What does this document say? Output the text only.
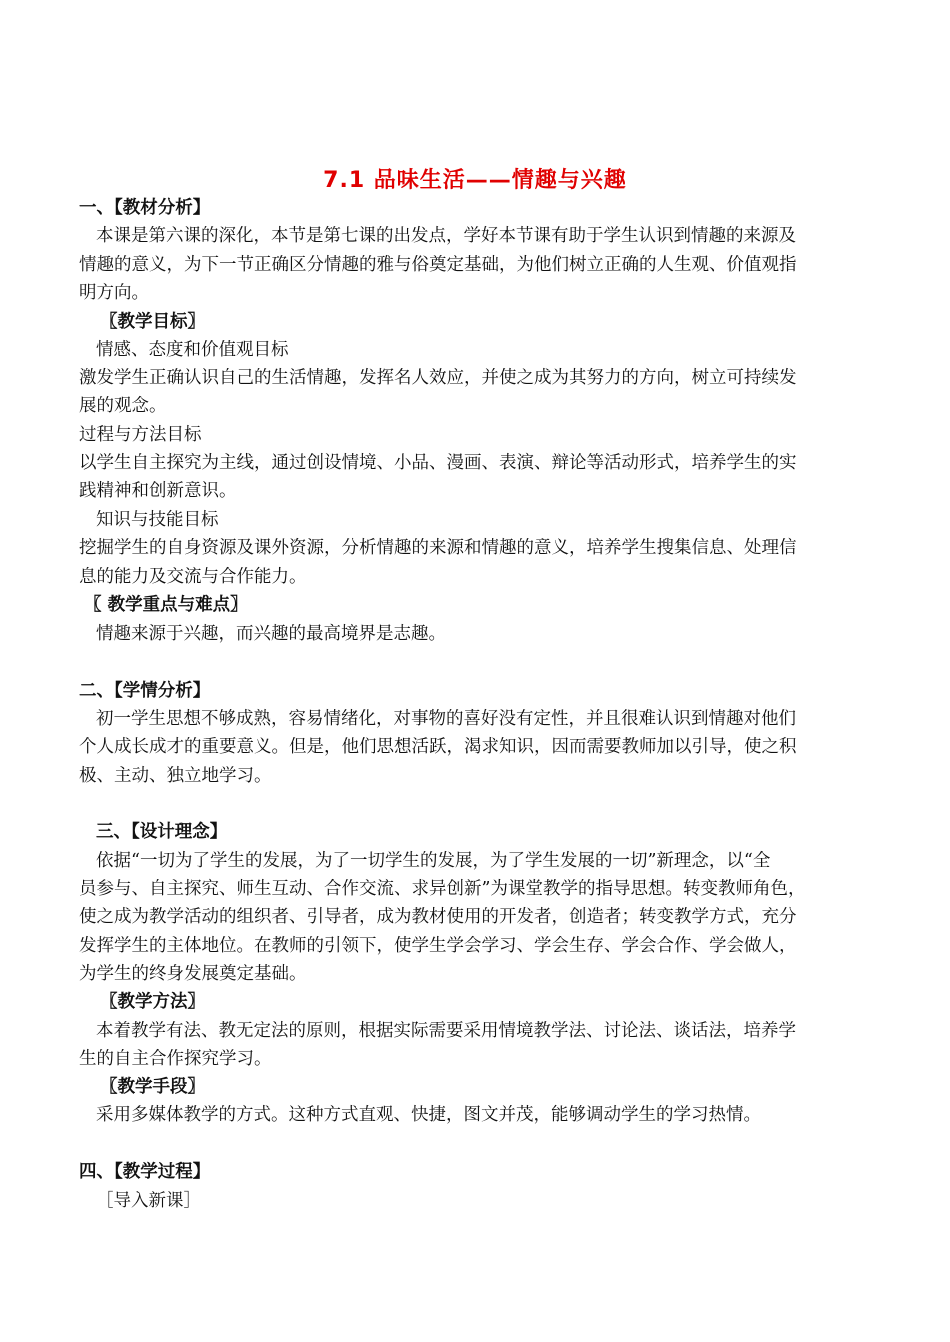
7.1 品味生活——情趣与兴趣
一、【教材分析】
本课是第六课的深化，本节是第七课的出发点，学好本节课有助于学生认识到情趣的来源及
情趣的意义，为下一节正确区分情趣的雅与俗奠定基础，为他们树立正确的人生观、价值观指
明方向。
〖教学目标〗
情感、态度和价值观目标
激发学生正确认识自己的生活情趣，发挥名人效应，并使之成为其努力的方向，树立可持续发
展的观念。
过程与方法目标
以学生自主探究为主线，通过创设情境、小品、漫画、表演、辩论等活动形式，培养学生的实
践精神和创新意识。
知识与技能目标
挖掘学生的自身资源及课外资源，分析情趣的来源和情趣的意义，培养学生搜集信息、处理信
息的能力及交流与合作能力。
〖 教学重点与难点〗
情趣来源于兴趣，而兴趣的最高境界是志趣。
二、【学情分析】
初一学生思想不够成熟，容易情绪化，对事物的喜好没有定性，并且很难认识到情趣对他们
个人成长成才的重要意义。但是，他们思想活跃，渴求知识，因而需要教师加以引导，使之积
极、主动、独立地学习。
三、【设计理念】
依据“一切为了学生的发展，为了一切学生的发展，为了学生发展的一切”新理念，以“全
员参与、自主探究、师生互动、合作交流、求异创新”为课堂教学的指导思想。转变教师角色，
使之成为教学活动的组织者、引导者，成为教材使用的开发者，创造者；转变教学方式，充分
发挥学生的主体地位。在教师的引领下，使学生学会学习、学会生存、学会合作、学会做人，
为学生的终身发展奠定基础。
〖教学方法〗
本着教学有法、教无定法的原则，根据实际需要采用情境教学法、讨论法、谈话法，培养学
生的自主合作探究学习。
〖教学手段〗
采用多媒体教学的方式。这种方式直观、快捷，图文并茂，能够调动学生的学习热情。
四、【教学过程】
［导入新课］
